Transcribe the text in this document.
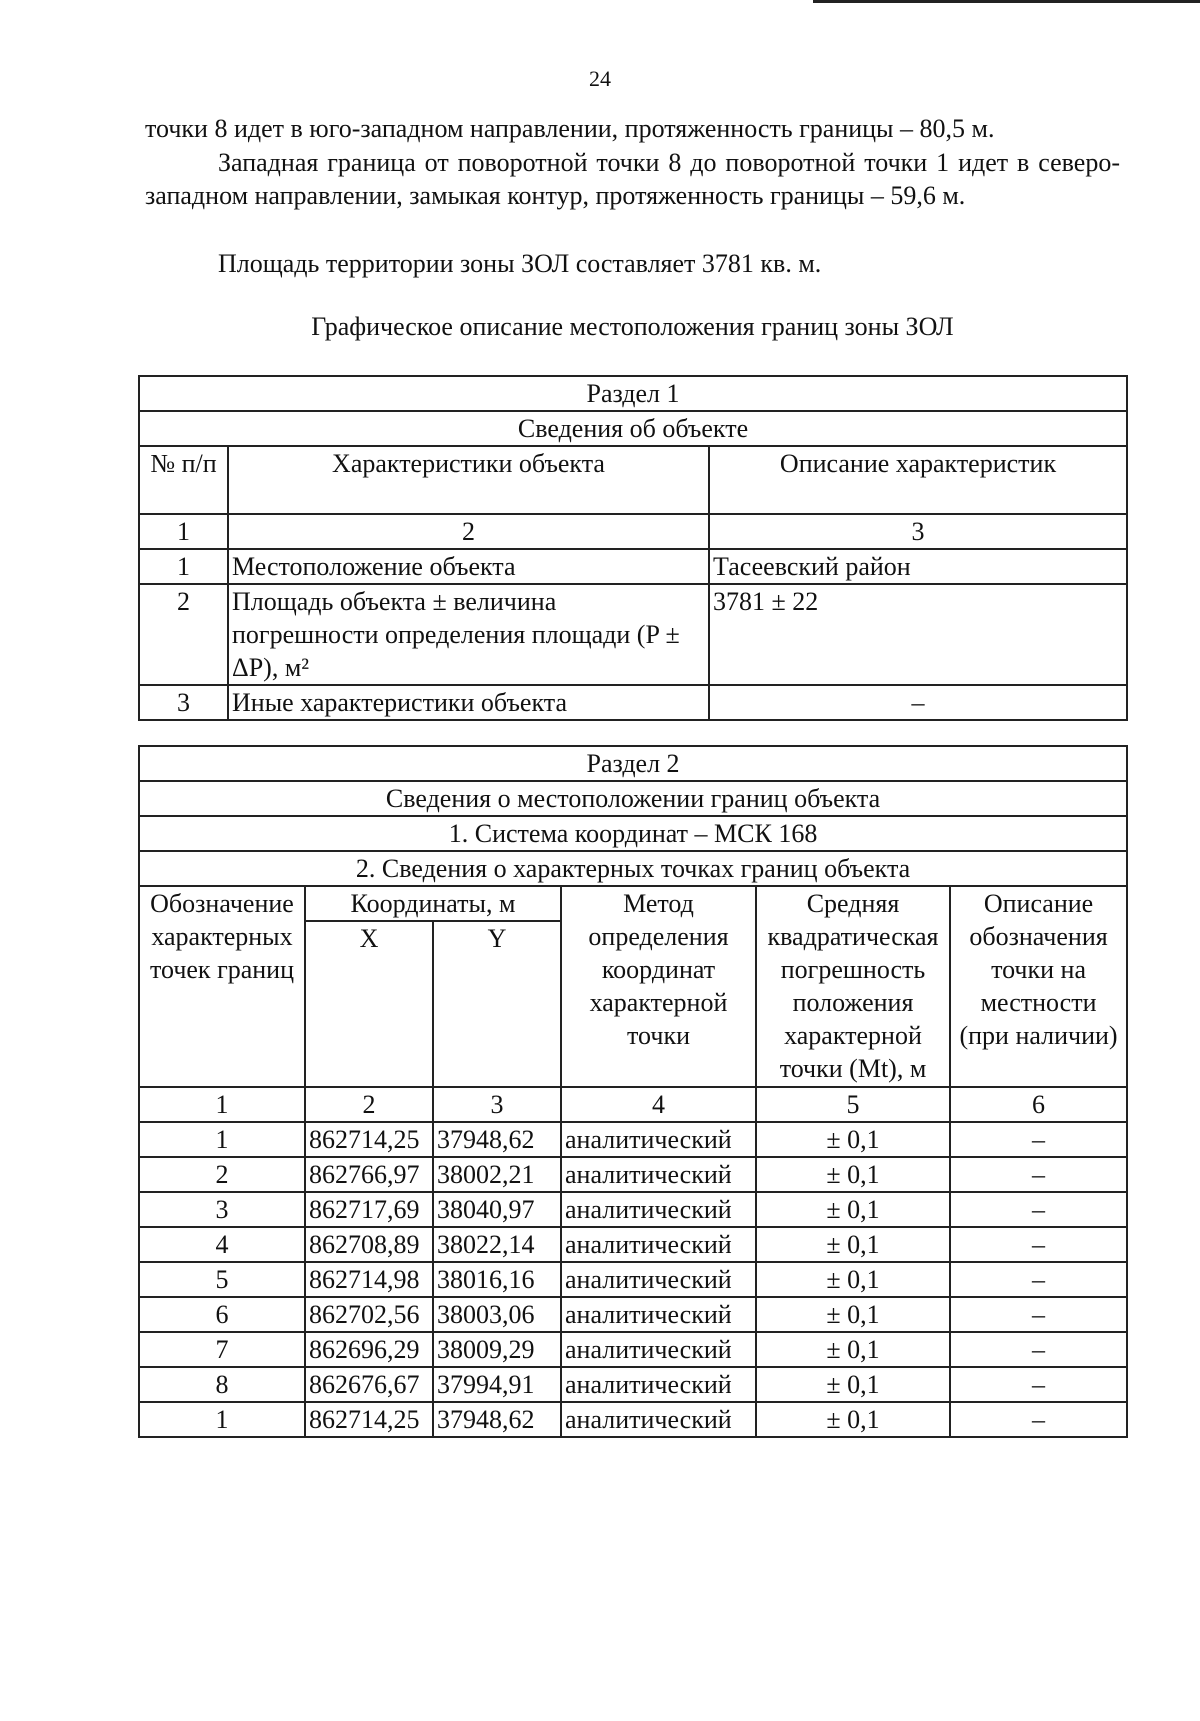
24
точки 8 идет в юго-западном направлении, протяженность границы – 80,5 м.
Западная граница от поворотной точки 8 до поворотной точки 1 идет в северо-западном направлении, замыкая контур, протяженность границы – 59,6 м.
Площадь территории зоны ЗОЛ составляет 3781 кв. м.
Графическое описание местоположения границ зоны ЗОЛ
Раздел 1		
Сведения об объекте		
№ п/п	Характеристики объекта	Описание характеристик
1	2	3
1	Местоположение объекта	Тасеевский район
2	Площадь объекта ± величина погрешности определения площади (P ± ΔP), м²	3781 ± 22
3	Иные характеристики объекта	–
Раздел 2					
Сведения о местоположении границ объекта					
1. Система координат – МСК 168					
2. Сведения о характерных точках границ объекта					
Обозначение характерных точек границ	Координаты, м		Метод определения координат характерной точки	Средняя квадратическая погрешность положения характерной точки (Mt), м	Описание обозначения точки на местности (при наличии)
	X	Y			
1	2	3	4	5	6
1	862714,25	37948,62	аналитический	± 0,1	–
2	862766,97	38002,21	аналитический	± 0,1	–
3	862717,69	38040,97	аналитический	± 0,1	–
4	862708,89	38022,14	аналитический	± 0,1	–
5	862714,98	38016,16	аналитический	± 0,1	–
6	862702,56	38003,06	аналитический	± 0,1	–
7	862696,29	38009,29	аналитический	± 0,1	–
8	862676,67	37994,91	аналитический	± 0,1	–
1	862714,25	37948,62	аналитический	± 0,1	–
